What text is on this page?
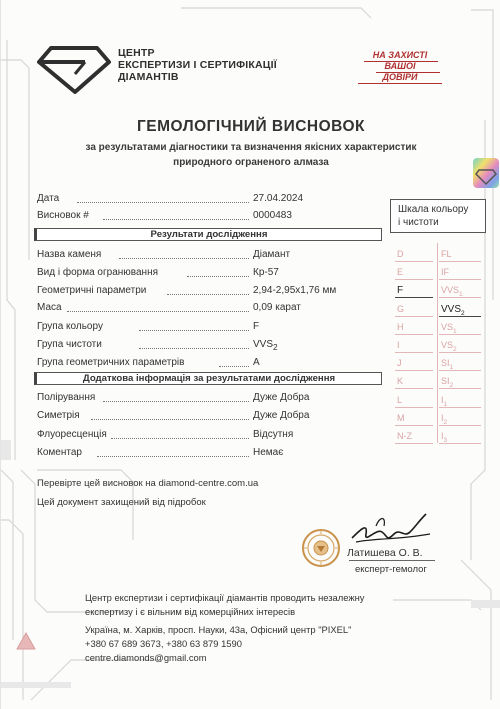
ЦЕНТР
ЕКСПЕРТИЗИ І СЕРТИФІКАЦІЇ
ДІАМАНТІВ
НА ЗАХИСТІ
ВАШОЇ
ДОВІРИ
ГЕМОЛОГІЧНИЙ ВИСНОВОК
за результатами діагностики та визначення якісних характеристик
природного ограненого алмаза
Дата	27.04.2024
Висновок #	0000483
Результати дослідження
Назва каменя	Діамант
Вид і форма огранювання	Кр-57
Геометричні параметри	2,94-2,95х1,76 мм
Маса	0,09 карат
Група кольору	F
Група чистоти	$VVS_2$
Група геометричних параметрів	A
Додаткова інформація за результатами дослідження
Полірування	Дуже Добра
Симетрія	Дуже Добра
Флуоресценція	Відсутня
Коментар	Немає
Шкала кольору
і чистоти
D	FL
E	IF
F	$VVS_1$
G	$VVS_2$
H	$VS_1$
I	$VS_2$
J	$SI_1$
K	$SI_2$
L	$I_1$
M	$I_2$
N-Z	$I_3$
Перевірте цей висновок на diamond-centre.com.ua
Цей документ захищений від підробок
Латишева О. В.
експерт-гемолог
Центр експертизи і сертифікації діамантів проводить незалежну
експертизу і є вільним від комерційних інтересів
Україна, м. Харків, просп. Науки, 43а, Офісний центр "PIXEL"
+380 67 689 3673, +380 63 879 1590
centre.diamonds@gmail.com
